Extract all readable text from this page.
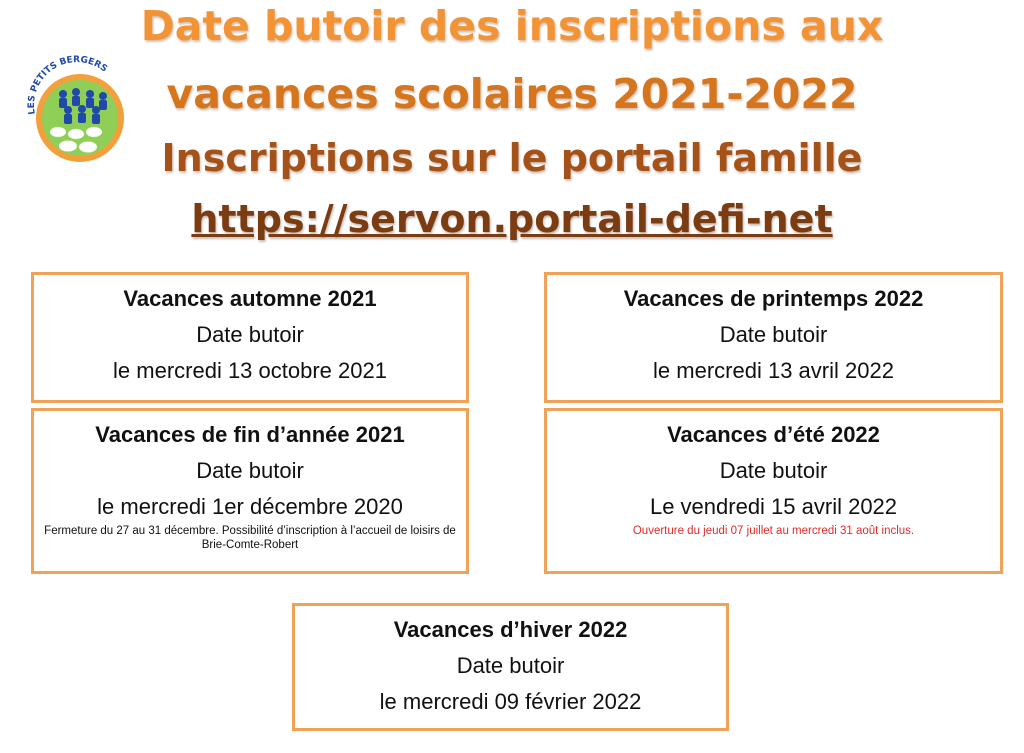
Date butoir des inscriptions aux
vacances scolaires 2021-2022
Inscriptions sur le portail famille
https://servon.portail-defi-net
LES PETITS BERGERS
Vacances automne 2021
Date butoir
le mercredi 13 octobre 2021
Vacances de printemps 2022
Date butoir
le mercredi 13 avril 2022
Vacances de fin d’année 2021
Date butoir
le mercredi 1er décembre 2020
Fermeture du 27 au 31 décembre. Possibilité d’inscription à l’accueil de loisirs de Brie-Comte-Robert
Vacances d’été 2022
Date butoir
Le vendredi 15 avril 2022
Ouverture du jeudi 07 juillet au mercredi 31 août inclus.
Vacances d’hiver 2022
Date butoir
le mercredi 09 février 2022
